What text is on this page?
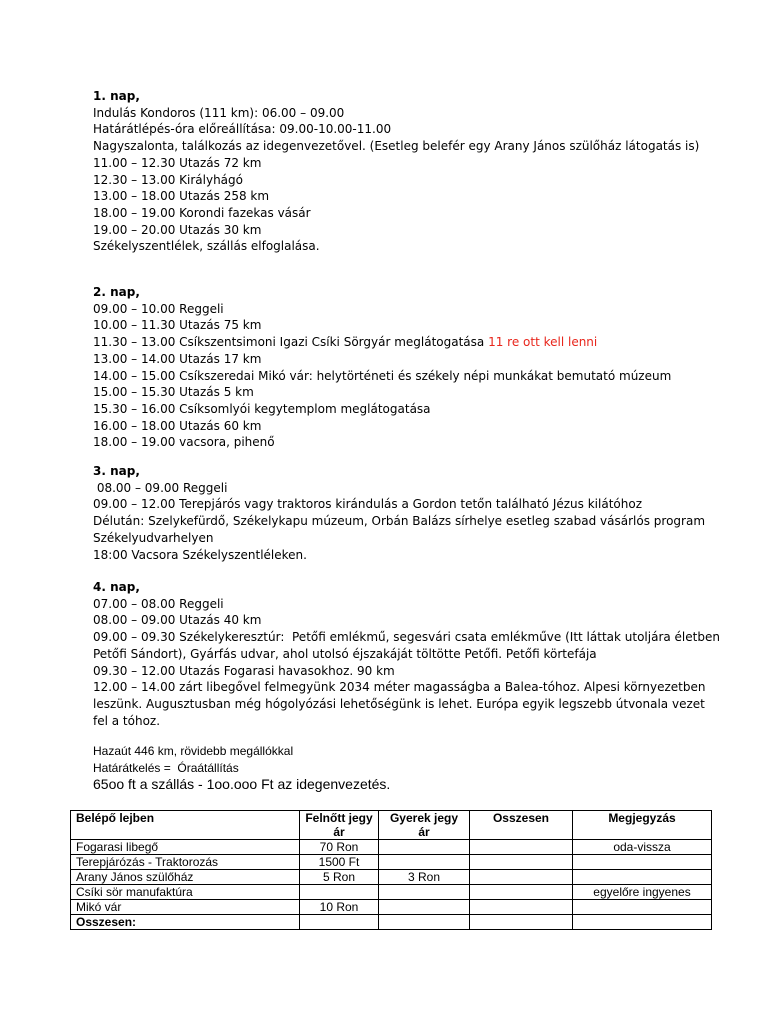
1. nap,
Indulás Kondoros (111 km): 06.00 – 09.00
Határátlépés-óra előreállítása: 09.00-10.00-11.00
Nagyszalonta, találkozás az idegenvezetővel. (Esetleg belefér egy Arany János szülőház látogatás is)
11.00 – 12.30 Utazás 72 km
12.30 – 13.00 Királyhágó
13.00 – 18.00 Utazás 258 km
18.00 – 19.00 Korondi fazekas vásár
19.00 – 20.00 Utazás 30 km
Székelyszentlélek, szállás elfoglalása.
2. nap,
09.00 – 10.00 Reggeli
10.00 – 11.30 Utazás 75 km
11.30 – 13.00 Csíkszentsimoni Igazi Csíki Sörgyár meglátogatása 11 re ott kell lenni
13.00 – 14.00 Utazás 17 km
14.00 – 15.00 Csíkszeredai Mikó vár: helytörténeti és székely népi munkákat bemutató múzeum
15.00 – 15.30 Utazás 5 km
15.30 – 16.00 Csíksomlyói kegytemplom meglátogatása
16.00 – 18.00 Utazás 60 km
18.00 – 19.00 vacsora, pihenő
3. nap,
08.00 – 09.00 Reggeli
09.00 – 12.00 Terepjárós vagy traktoros kirándulás a Gordon tetőn található Jézus kilátóhoz
Délután: Szelykefürdő, Székelykapu múzeum, Orbán Balázs sírhelye esetleg szabad vásárlós program
Székelyudvarhelyen
18:00 Vacsora Székelyszentléleken.
4. nap,
07.00 – 08.00 Reggeli
08.00 – 09.00 Utazás 40 km
09.00 – 09.30 Székelykeresztúr:  Petőfi emlékmű, segesvári csata emlékműve (Itt láttak utoljára életben
Petőfi Sándort), Gyárfás udvar, ahol utolsó éjszakáját töltötte Petőfi. Petőfi körtefája
09.30 – 12.00 Utazás Fogarasi havasokhoz. 90 km
12.00 – 14.00 zárt libegővel felmegyünk 2034 méter magasságba a Balea-tóhoz. Alpesi környezetben
leszünk. Augusztusban még hógolyózási lehetőségünk is lehet. Európa egyik legszebb útvonala vezet
fel a tóhoz.
Hazaút 446 km, rövidebb megállókkal
Határátkelés =  Óraátállítás
65oo ft a szállás - 1oo.ooo Ft az idegenvezetés.
Belépő lejben	Felnőtt jegy ár	Gyerek jegy ár	Osszesen	Megjegyzás
Fogarasi libegő	70 Ron			oda-vissza
Terepjárózás - Traktorozás	1500 Ft			
Arany János szülőház	5 Ron	3 Ron		
Csíki sör manufaktúra				egyelőre ingyenes
Mikó vár	10 Ron			
Osszesen:				
